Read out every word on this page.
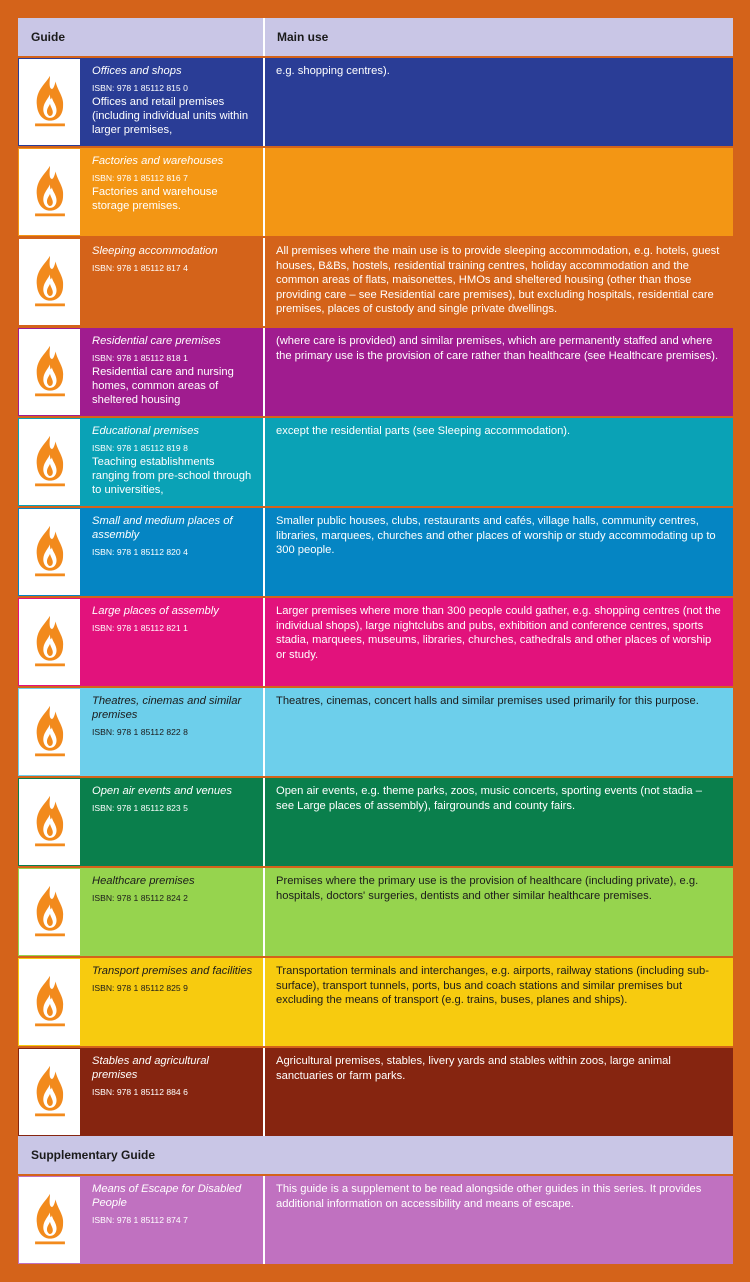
Guide	Main use
Offices and shops
ISBN: 978 1 85112 815 0
Offices and retail premises (including individual units within larger premises,
e.g. shopping centres).
Factories and warehouses
ISBN: 978 1 85112 816 7
Factories and warehouse storage premises.
Sleeping accommodation
ISBN: 978 1 85112 817 4
All premises where the main use is to provide sleeping accommodation, e.g. hotels, guest houses, B&Bs, hostels, residential training centres, holiday accommodation and the common areas of flats, maisonettes, HMOs and sheltered housing (other than those providing care – see Residential care premises), but excluding hospitals, residential care premises, places of custody and single private dwellings.
Residential care premises
ISBN: 978 1 85112 818 1
Residential care and nursing homes, common areas of sheltered housing
(where care is provided) and similar premises, which are permanently staffed and where the primary use is the provision of care rather than healthcare (see Healthcare premises).
Educational premises
ISBN: 978 1 85112 819 8
Teaching establishments ranging from pre-school through to universities,
except the residential parts (see Sleeping accommodation).
Small and medium places of assembly
ISBN: 978 1 85112 820 4
Smaller public houses, clubs, restaurants and cafés, village halls, community centres, libraries, marquees, churches and other places of worship or study accommodating up to 300 people.
Large places of assembly
ISBN: 978 1 85112 821 1
Larger premises where more than 300 people could gather, e.g. shopping centres (not the individual shops), large nightclubs and pubs, exhibition and conference centres, sports stadia, marquees, museums, libraries, churches, cathedrals and other places of worship or study.
Theatres, cinemas and similar premises
ISBN: 978 1 85112 822 8
Theatres, cinemas, concert halls and similar premises used primarily for this purpose.
Open air events and venues
ISBN: 978 1 85112 823 5
Open air events, e.g. theme parks, zoos, music concerts, sporting events (not stadia – see Large places of assembly), fairgrounds and county fairs.
Healthcare premises
ISBN: 978 1 85112 824 2
Premises where the primary use is the provision of healthcare (including private), e.g. hospitals, doctors' surgeries, dentists and other similar healthcare premises.
Transport premises and facilities
ISBN: 978 1 85112 825 9
Transportation terminals and interchanges, e.g. airports, railway stations (including sub-surface), transport tunnels, ports, bus and coach stations and similar premises but excluding the means of transport (e.g. trains, buses, planes and ships).
Stables and agricultural premises
ISBN: 978 1 85112 884 6
Agricultural premises, stables, livery yards and stables within zoos, large animal sanctuaries or farm parks.
Supplementary Guide
Means of Escape for Disabled People
ISBN: 978 1 85112 874 7
This guide is a supplement to be read alongside other guides in this series. It provides additional information on accessibility and means of escape.
